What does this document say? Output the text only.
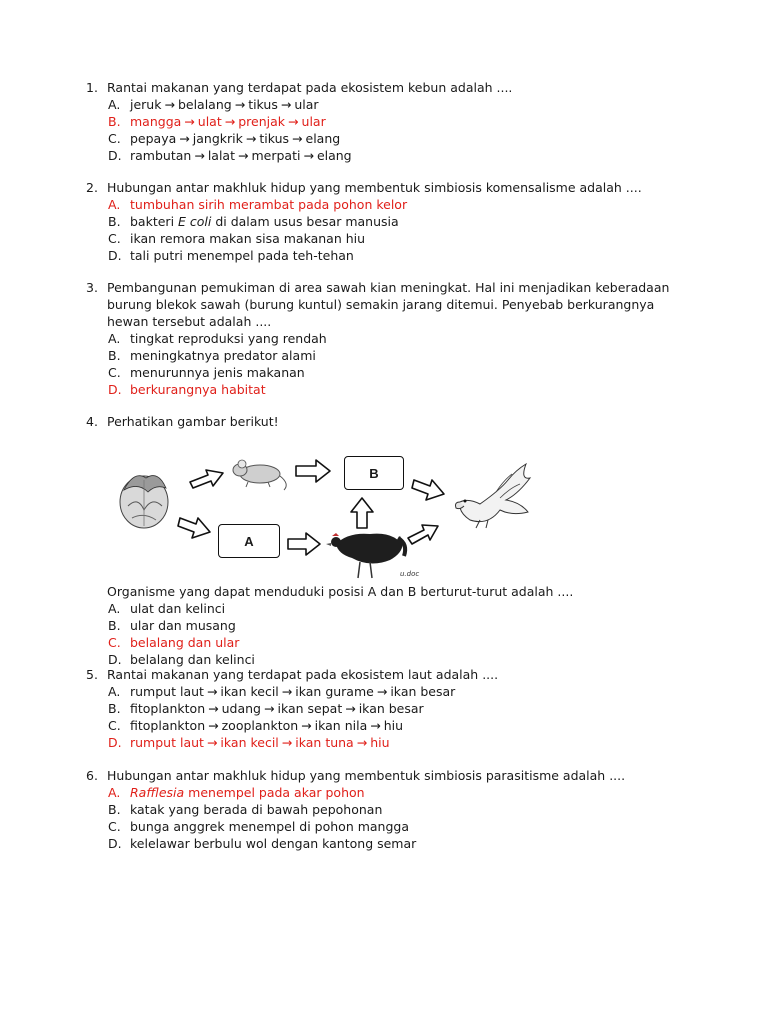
1. Rantai makanan yang terdapat pada ekosistem kebun adalah ....
A. jeruk → belalang → tikus → ular
B. mangga → ulat → prenjak → ular
C. pepaya → jangkrik → tikus → elang
D. rambutan → lalat → merpati → elang
2. Hubungan antar makhluk hidup yang membentuk simbiosis komensalisme adalah ....
A. tumbuhan sirih merambat pada pohon kelor
B. bakteri E coli di dalam usus besar manusia
C. ikan remora makan sisa makanan hiu
D. tali putri menempel pada teh-tehan
3. Pembangunan pemukiman di area sawah kian meningkat. Hal ini menjadikan keberadaan
burung blekok sawah (burung kuntul) semakin jarang ditemui. Penyebab berkurangnya
hewan tersebut adalah ....
A. tingkat reproduksi yang rendah
B. meningkatnya predator alami
C. menurunnya jenis makanan
D. berkurangnya habitat
4. Perhatikan gambar berikut!
B
A
u.doc
Organisme yang dapat menduduki posisi A dan B berturut-turut adalah ....
A. ulat dan kelinci
B. ular dan musang
C. belalang dan ular
D. belalang dan kelinci
5. Rantai makanan yang terdapat pada ekosistem laut adalah ....
A. rumput laut → ikan kecil → ikan gurame → ikan besar
B. fitoplankton → udang → ikan sepat → ikan besar
C. fitoplankton → zooplankton → ikan nila → hiu
D. rumput laut → ikan kecil → ikan tuna → hiu
6. Hubungan antar makhluk hidup yang membentuk simbiosis parasitisme adalah ....
A. Rafflesia menempel pada akar pohon
B. katak yang berada di bawah pepohonan
C. bunga anggrek menempel di pohon mangga
D. kelelawar berbulu wol dengan kantong semar
